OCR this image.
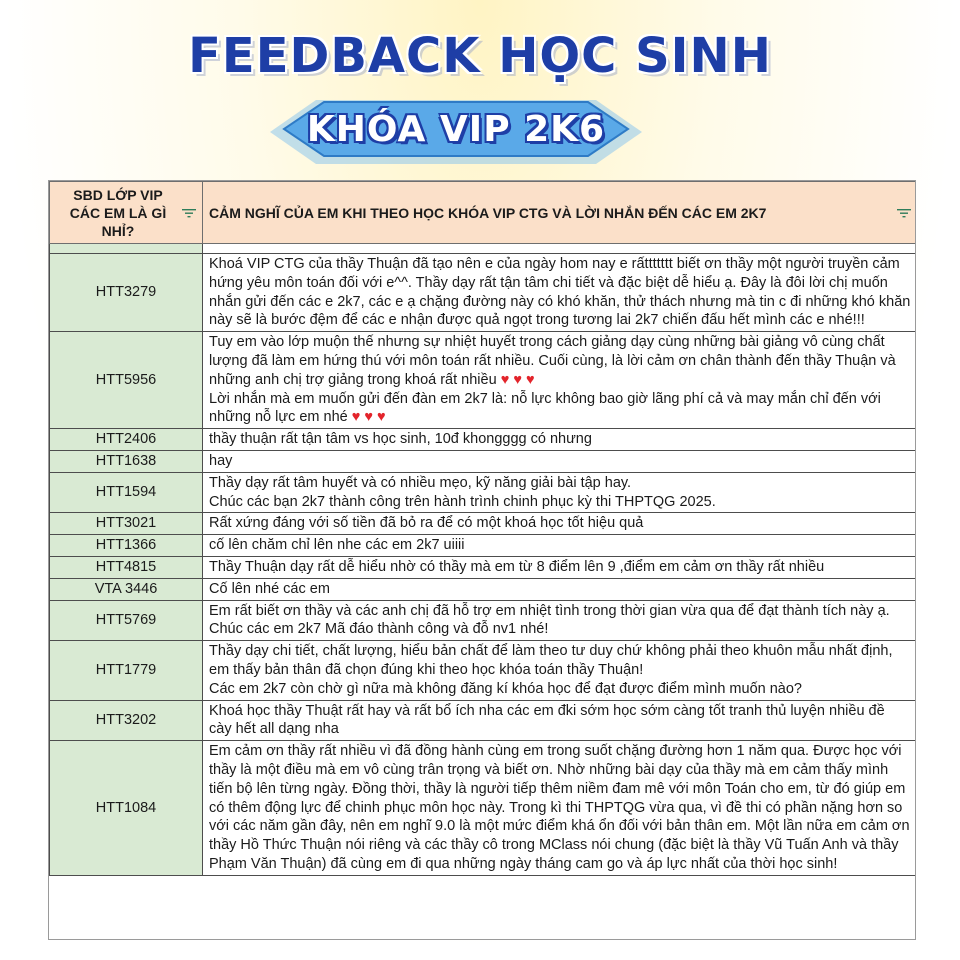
FEEDBACK HỌC SINH
KHÓA VIP 2K6
SBD LỚP VIP CÁC EM LÀ GÌ NHỈ?	CẢM NGHĨ CỦA EM KHI THEO HỌC KHÓA VIP CTG VÀ LỜI NHẮN ĐẾN CÁC EM 2K7

HTT3279	Khoá VIP CTG của thầy Thuận đã tạo nên e của ngày hom nay e rấttttttt biết ơn thầy một người truyền cảm hứng yêu môn toán đối với e^^. Thầy dạy rất tận tâm chi tiết và đặc biệt dễ hiểu ạ. Đây là đôi lời chị muốn nhắn gửi đến các e 2k7, các e ạ chặng đường này có khó khăn, thử thách nhưng mà tin c đi những khó khăn này sẽ là bước đệm để các e nhận được quả ngọt trong tương lai 2k7 chiến đấu hết mình các e nhé!!!
HTT5956	Tuy em vào lớp muộn thế nhưng sự nhiệt huyết trong cách giảng dạy cùng những bài giảng vô cùng chất lượng đã làm em hứng thú với môn toán rất nhiều. Cuối cùng, là lời cảm ơn chân thành đến thầy Thuận và những anh chị trợ giảng trong khoá rất nhiều ♥ ♥ ♥
Lời nhắn mà em muốn gửi đến đàn em 2k7 là: nỗ lực không bao giờ lãng phí cả và may mắn chỉ đến với những nỗ lực em nhé ♥ ♥ ♥
HTT2406	thầy thuận rất tận tâm vs học sinh, 10đ khongggg có nhưng
HTT1638	hay
HTT1594	Thầy dạy rất tâm huyết và có nhiều mẹo, kỹ năng giải bài tập hay.
Chúc các bạn 2k7 thành công trên hành trình chinh phục kỳ thi THPTQG 2025.
HTT3021	Rất xứng đáng với số tiền đã bỏ ra để có một khoá học tốt hiệu quả
HTT1366	cố lên chăm chỉ lên nhe các em 2k7 uiiii
HTT4815	Thầy Thuận dạy rất dễ hiểu nhờ có thầy mà em từ 8 điểm lên 9 ,điểm em cảm ơn thầy rất nhiều
VTA 3446	Cố lên nhé các em
HTT5769	Em rất biết ơn thầy và các anh chị đã hỗ trợ em nhiệt tình trong thời gian vừa qua để đạt thành tích này ạ. Chúc các em 2k7 Mã đáo thành công và đỗ nv1 nhé!
HTT1779	Thầy dạy chi tiết, chất lượng, hiểu bản chất để làm theo tư duy chứ không phải theo khuôn mẫu nhất định, em thấy bản thân đã chọn đúng khi theo học khóa toán thầy Thuận!
Các em 2k7 còn chờ gì nữa mà không đăng kí khóa học để đạt được điểm mình muốn nào?
HTT3202	Khoá học thầy Thuật rất hay và rất bổ ích nha các em đki sớm học sớm càng tốt tranh thủ luyện nhiều đề cày hết all dạng nha
HTT1084	Em cảm ơn thầy rất nhiều vì đã đồng hành cùng em trong suốt chặng đường hơn 1 năm qua. Được học với thầy là một điều mà em vô cùng trân trọng và biết ơn. Nhờ những bài dạy của thầy mà em cảm thấy mình tiến bộ lên từng ngày. Đồng thời, thầy là người tiếp thêm niềm đam mê với môn Toán cho em, từ đó giúp em có thêm động lực để chinh phục môn học này. Trong kì thi THPTQG vừa qua, vì đề thi có phần nặng hơn so với các năm gần đây, nên em nghĩ 9.0 là một mức điểm khá ổn đối với bản thân em. Một lần nữa em cảm ơn thầy Hồ Thức Thuận nói riêng và các thầy cô trong MClass nói chung (đặc biệt là thầy Vũ Tuấn Anh và thầy Phạm Văn Thuận) đã cùng em đi qua những ngày tháng cam go và áp lực nhất của thời học sinh!
